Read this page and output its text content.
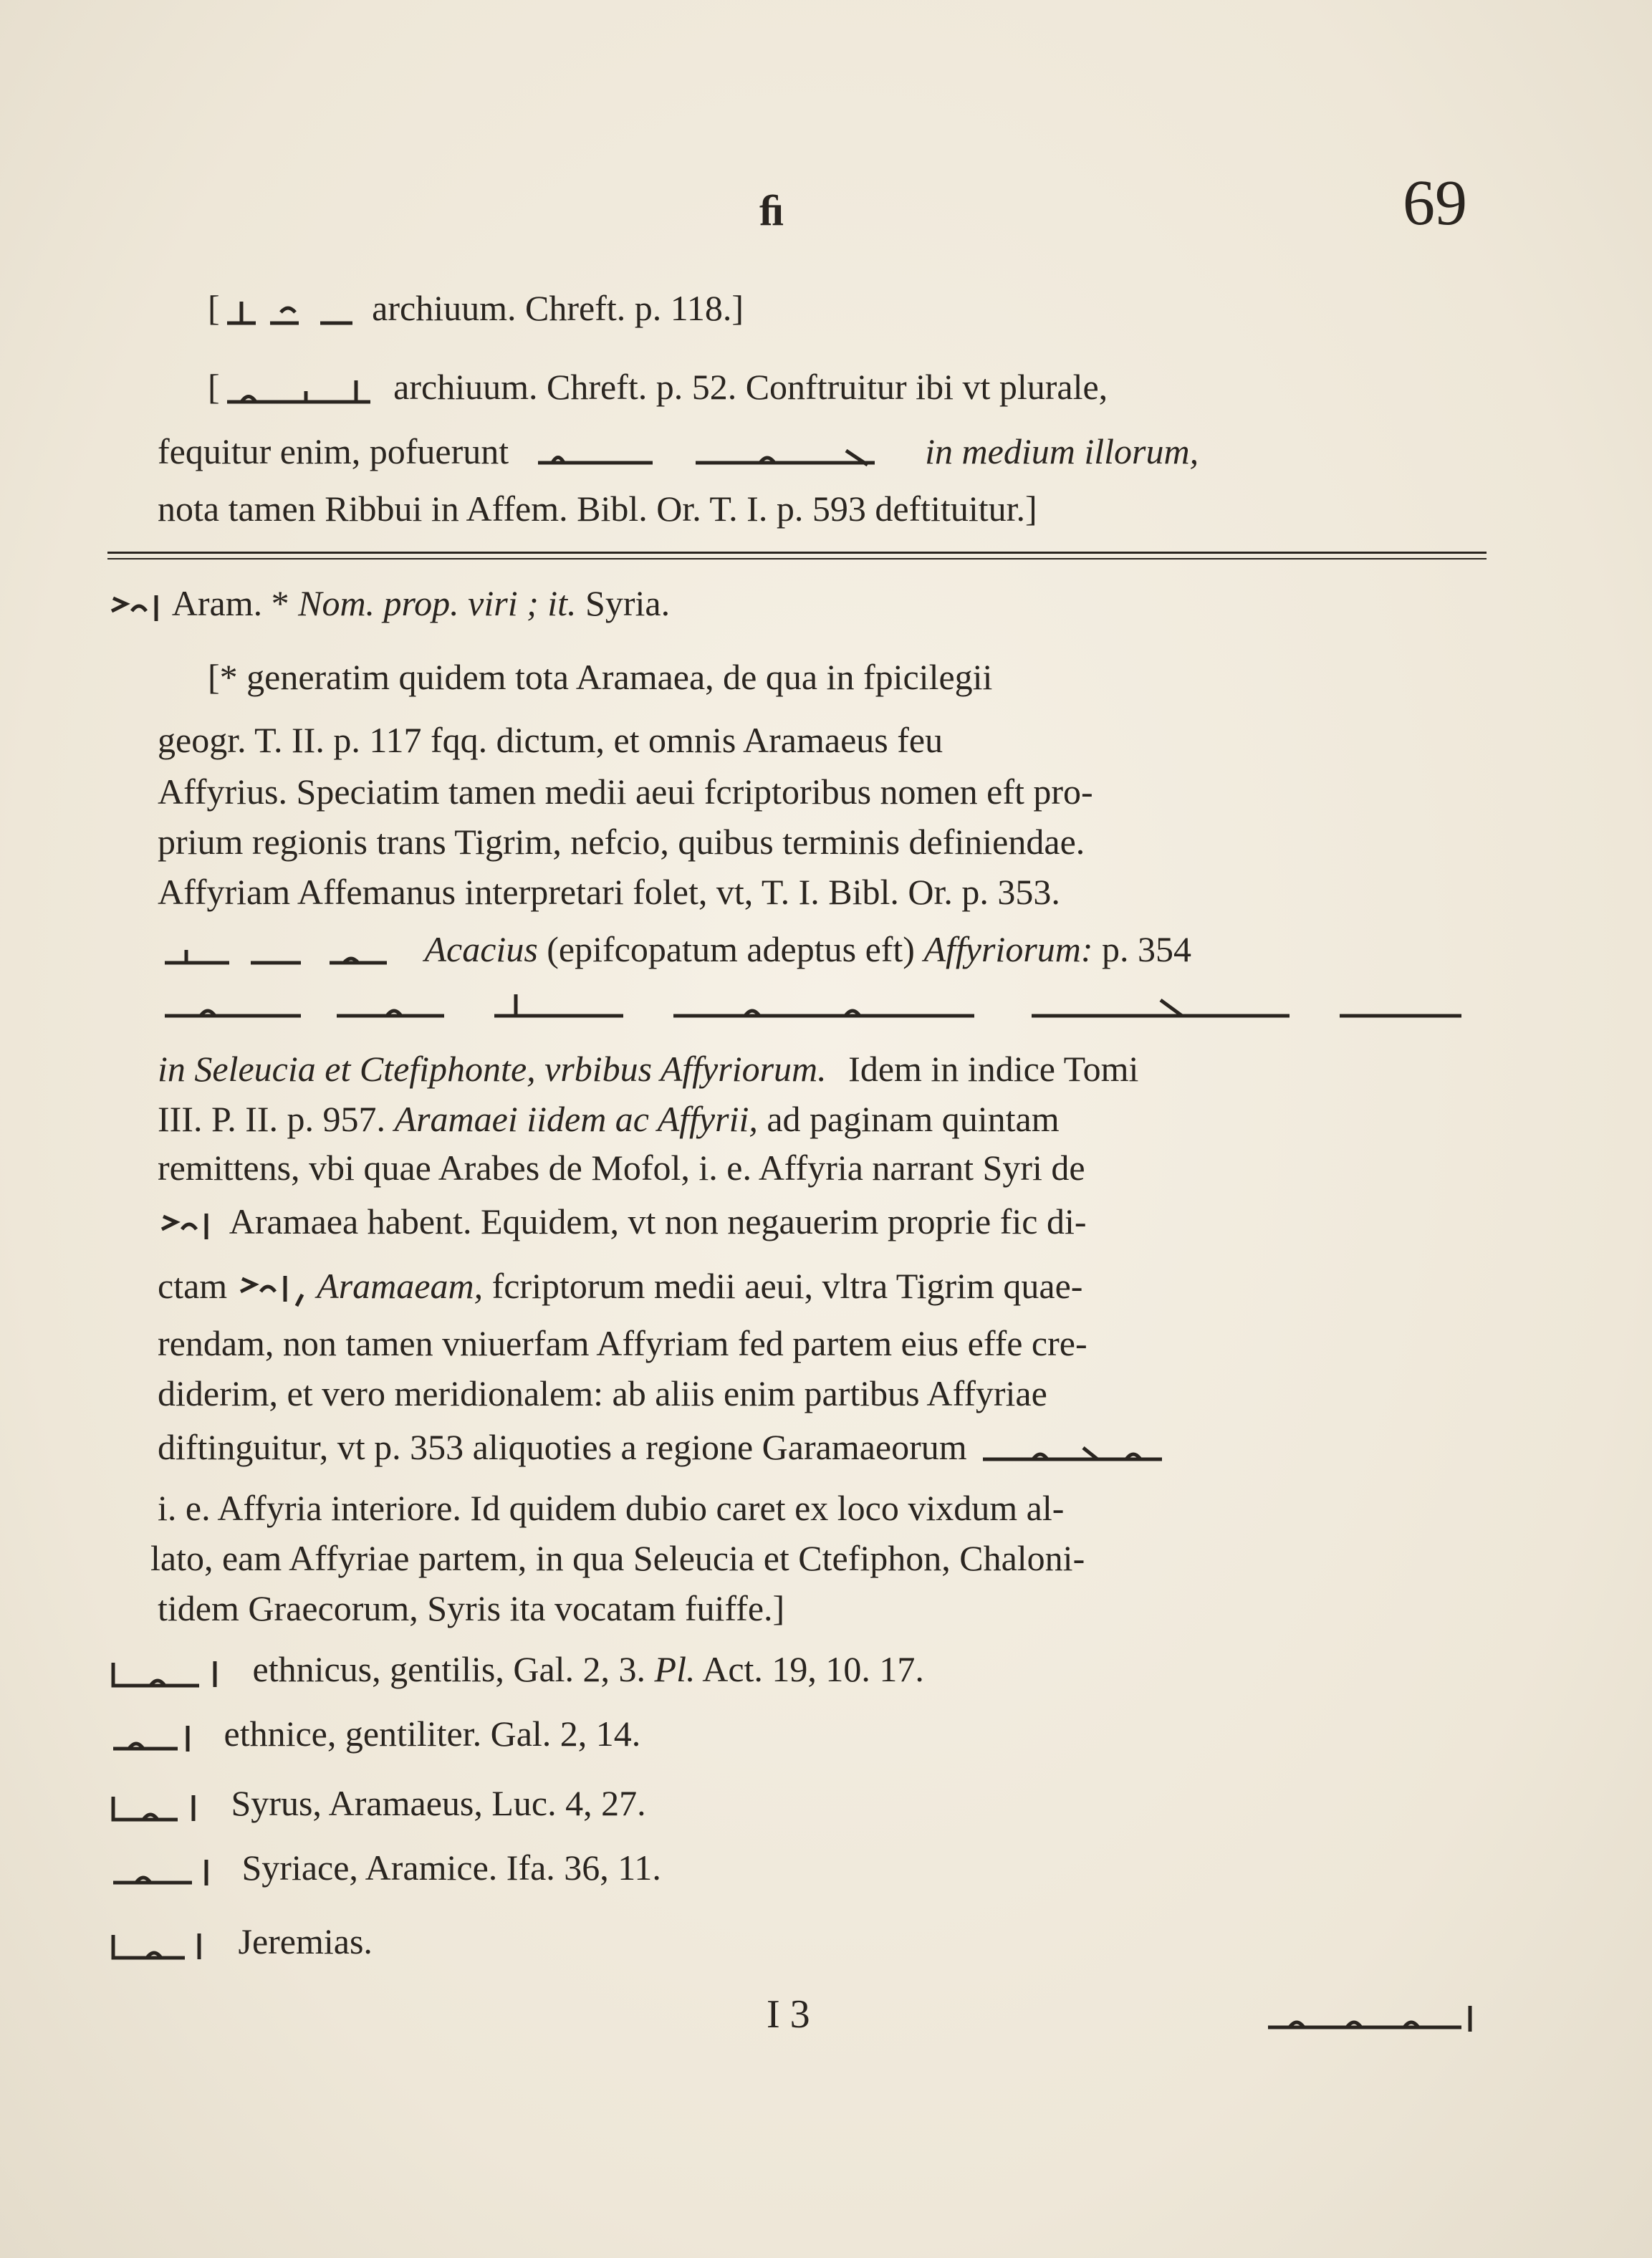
ﬁ	69
[	archiuum. Chreft. p. 118.]
[	archiuum. Chreft. p. 52. Conftruitur ibi vt plurale,
fequitur enim, pofuerunt	in medium illorum,
nota tamen Ribbui in Affem. Bibl. Or. T. I. p. 593 deftituitur.]
Aram. * Nom. prop. viri ; it. Syria.
[* generatim quidem tota Aramaea, de qua in fpicilegii
geogr. T. II. p. 117 fqq. dictum, et omnis Aramaeus feu
Affyrius. Speciatim tamen medii aeui fcriptoribus nomen eft pro-
prium regionis trans Tigrim, nefcio, quibus terminis definiendae.
Affyriam Affemanus interpretari folet, vt, T. I. Bibl. Or. p. 353.
Acacius (epifcopatum adeptus eft) Affyriorum: p. 354
in Seleucia et Ctefiphonte, vrbibus Affyriorum. Idem in indice Tomi
III. P. II. p. 957. Aramaei iidem ac Affyrii, ad paginam quintam
remittens, vbi quae Arabes de Mofol, i. e. Affyria narrant Syri de
Aramaea habent. Equidem, vt non negauerim proprie fic di-
ctam	Aramaeam, fcriptorum medii aeui, vltra Tigrim quae-
rendam, non tamen vniuerfam Affyriam fed partem eius effe cre-
diderim, et vero meridionalem: ab aliis enim partibus Affyriae
diftinguitur, vt p. 353 aliquoties a regione Garamaeorum
i. e. Affyria interiore. Id quidem dubio caret ex loco vixdum al-
lato, eam Affyriae partem, in qua Seleucia et Ctefiphon, Chaloni-
tidem Graecorum, Syris ita vocatam fuiffe.]
ethnicus, gentilis, Gal. 2, 3. Pl. Act. 19, 10. 17.
ethnice, gentiliter. Gal. 2, 14.
Syrus, Aramaeus, Luc. 4, 27.
Syriace, Aramice. Ifa. 36, 11.
Jeremias.
I 3
